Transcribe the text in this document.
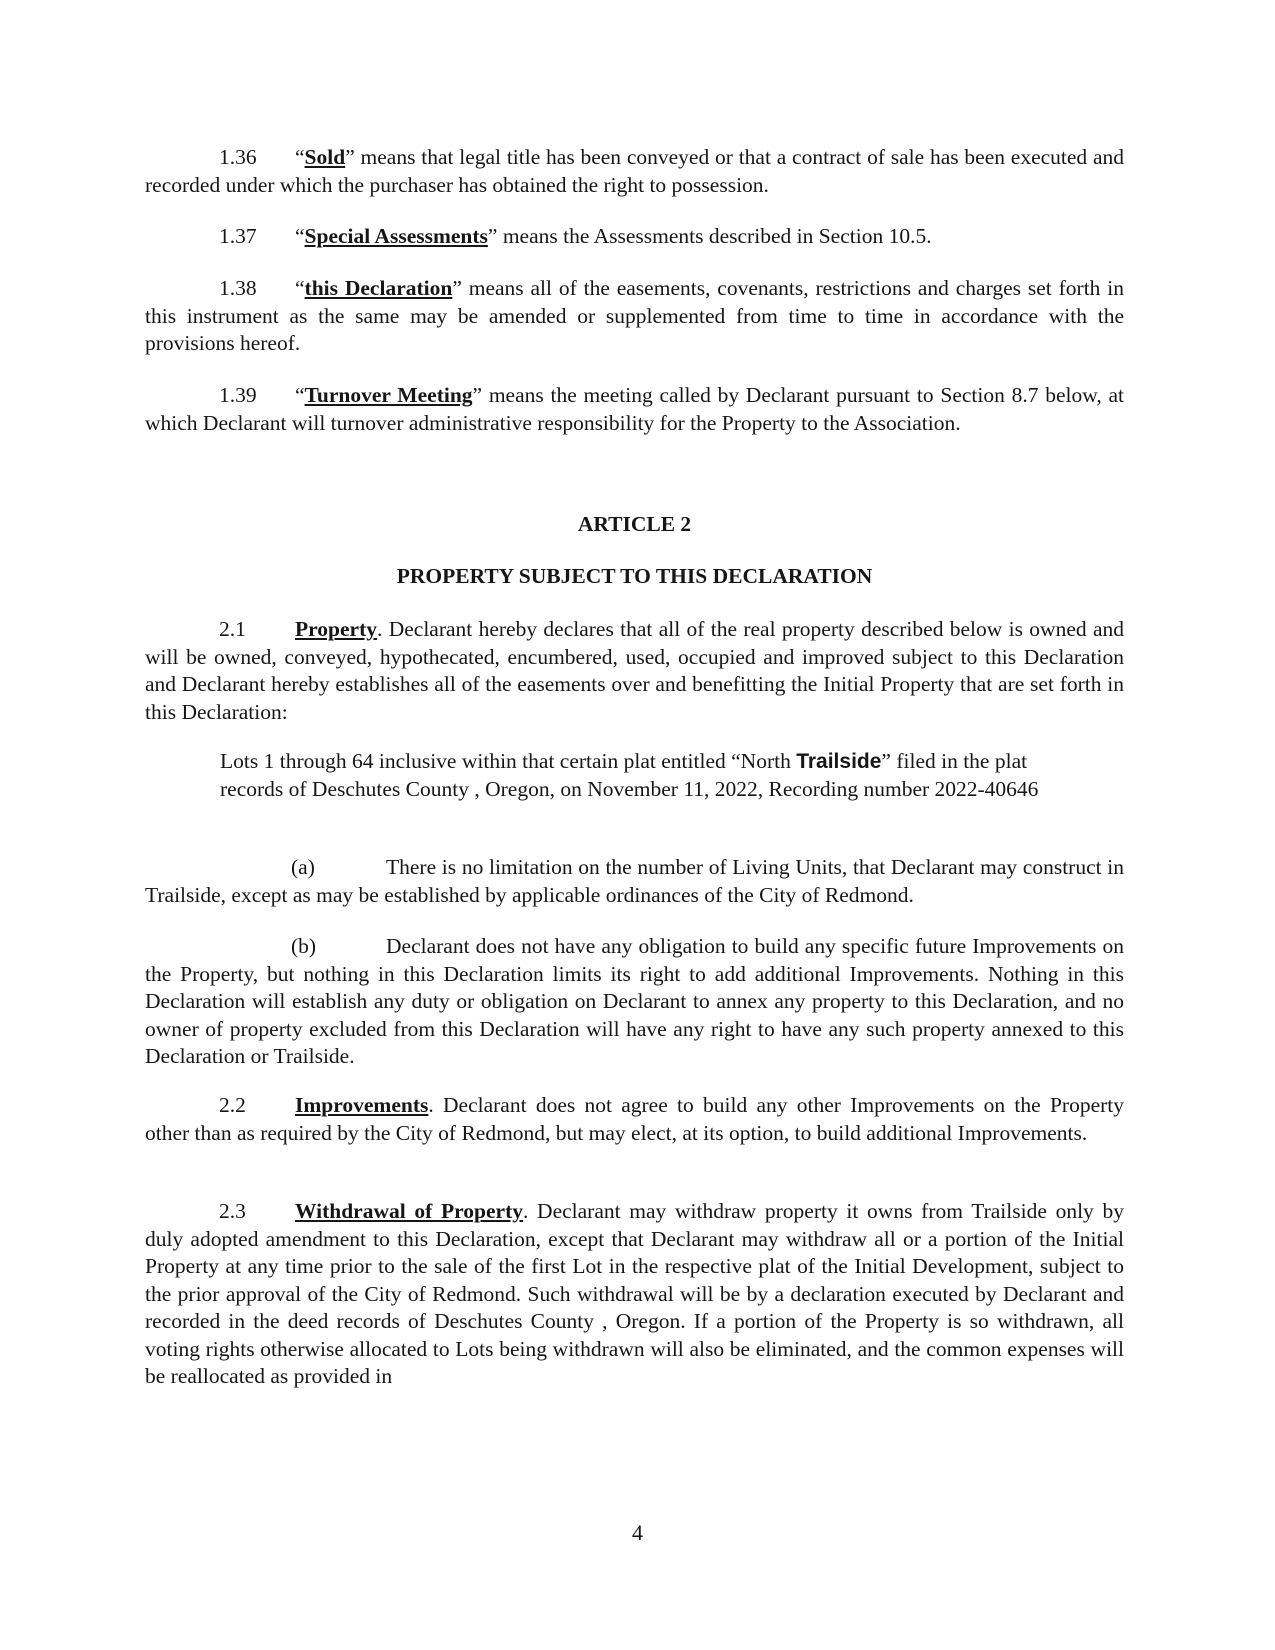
1.36 “Sold” means that legal title has been conveyed or that a contract of sale has been executed and recorded under which the purchaser has obtained the right to possession.

1.37 “Special Assessments” means the Assessments described in Section 10.5.

1.38 “this Declaration” means all of the easements, covenants, restrictions and charges set forth in this instrument as the same may be amended or supplemented from time to time in accordance with the provisions hereof.

1.39 “Turnover Meeting” means the meeting called by Declarant pursuant to Section 8.7 below, at which Declarant will turnover administrative responsibility for the Property to the Association.

ARTICLE 2

PROPERTY SUBJECT TO THIS DECLARATION

2.1 Property. Declarant hereby declares that all of the real property described below is owned and will be owned, conveyed, hypothecated, encumbered, used, occupied and improved subject to this Declaration and Declarant hereby establishes all of the easements over and benefitting the Initial Property that are set forth in this Declaration:

Lots 1 through 64 inclusive within that certain plat entitled “North Trailside” filed in the plat records of Deschutes County , Oregon, on November 11, 2022, Recording number 2022-40646

(a)	There is no limitation on the number of Living Units, that Declarant may construct in Trailside, except as may be established by applicable ordinances of the City of Redmond.

(b)	Declarant does not have any obligation to build any specific future Improvements on the Property, but nothing in this Declaration limits its right to add additional Improvements. Nothing in this Declaration will establish any duty or obligation on Declarant to annex any property to this Declaration, and no owner of property excluded from this Declaration will have any right to have any such property annexed to this Declaration or Trailside.

2.2 Improvements. Declarant does not agree to build any other Improvements on the Property other than as required by the City of Redmond, but may elect, at its option, to build additional Improvements.

2.3 Withdrawal of Property. Declarant may withdraw property it owns from Trailside only by duly adopted amendment to this Declaration, except that Declarant may withdraw all or a portion of the Initial Property at any time prior to the sale of the first Lot in the respective plat of the Initial Development, subject to the prior approval of the City of Redmond. Such withdrawal will be by a declaration executed by Declarant and recorded in the deed records of Deschutes County , Oregon. If a portion of the Property is so withdrawn, all voting rights otherwise allocated to Lots being withdrawn will also be eliminated, and the common expenses will be reallocated as provided in

4
